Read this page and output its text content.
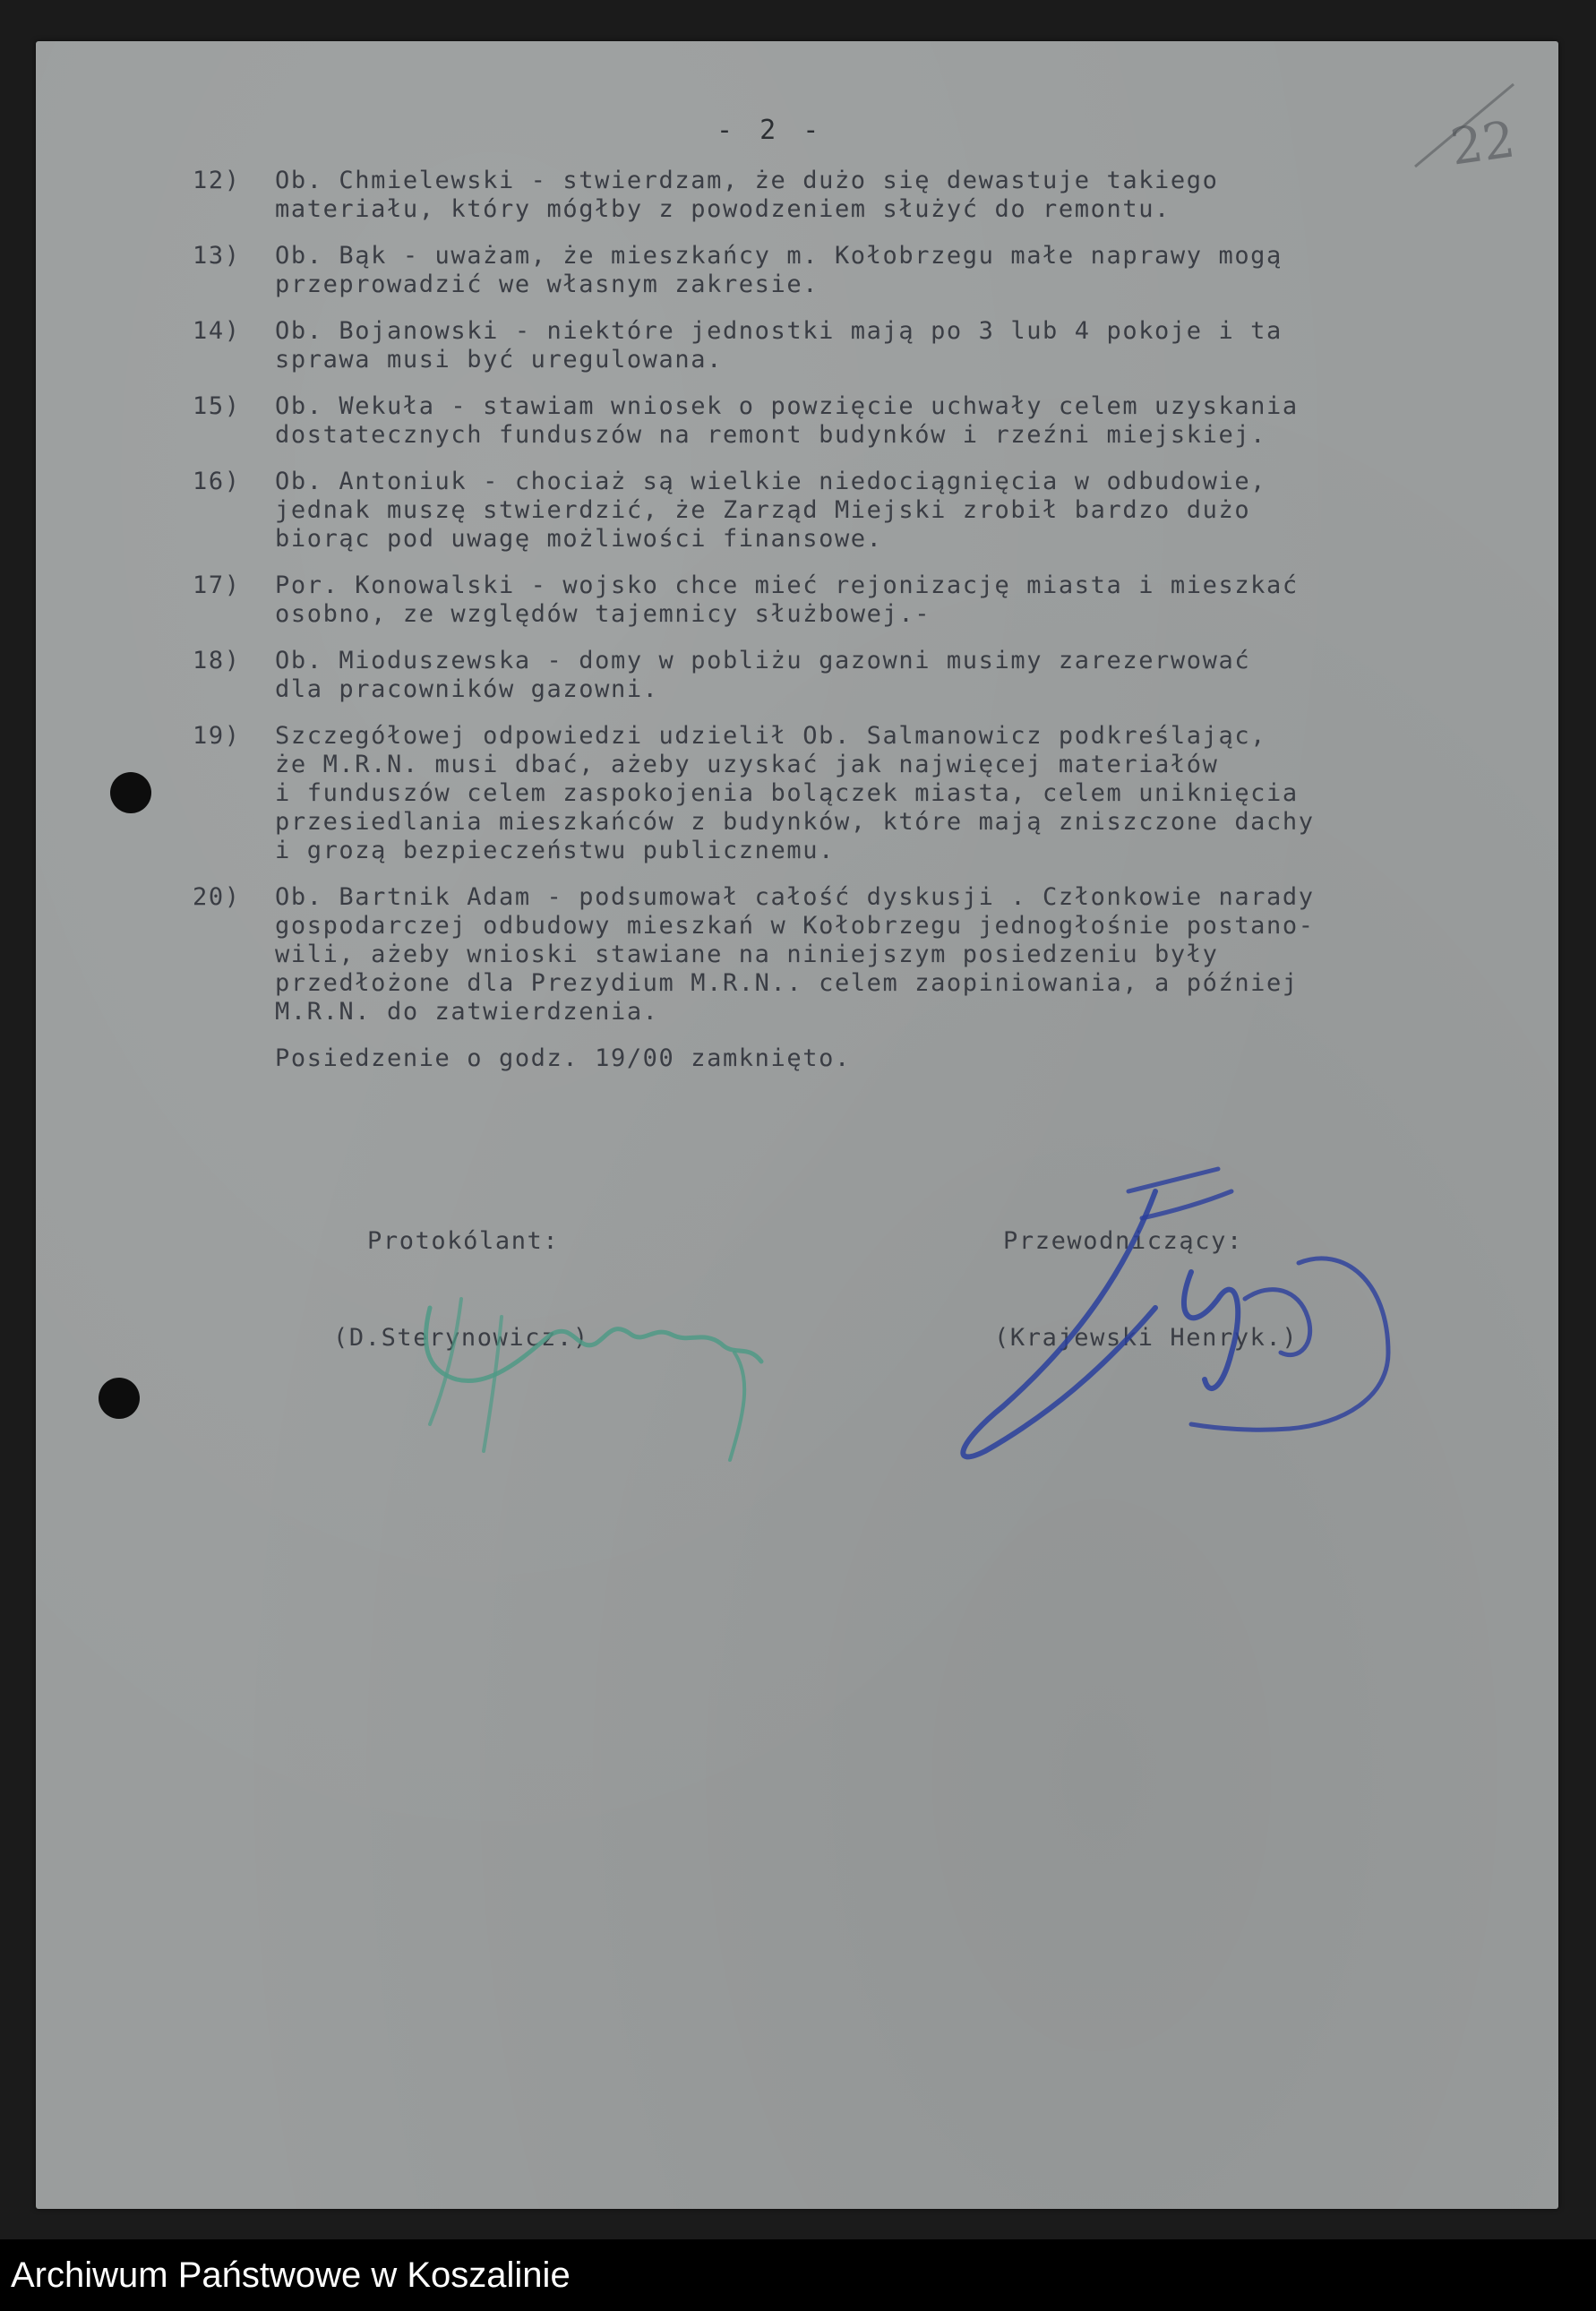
- 2 -	22
12)	Ob. Chmielewski - stwierdzam, że dużo się dewastuje takiego
materiału, który mógłby z powodzeniem służyć do remontu.
13)	Ob. Bąk - uważam, że mieszkańcy m. Kołobrzegu małe naprawy mogą
przeprowadzić we własnym zakresie.
14)	Ob. Bojanowski - niektóre jednostki mają po 3 lub 4 pokoje i ta
sprawa musi być uregulowana.
15)	Ob. Wekuła - stawiam wniosek o powzięcie uchwały celem uzyskania
dostatecznych funduszów na remont budynków i rzeźni miejskiej.
16)	Ob. Antoniuk - chociaż są wielkie niedociągnięcia w odbudowie,
jednak muszę stwierdzić, że Zarząd Miejski zrobił bardzo dużo
biorąc pod uwagę możliwości finansowe.
17)	Por. Konowalski - wojsko chce mieć rejonizację miasta i mieszkać
osobno, ze względów tajemnicy służbowej.-
18)	Ob. Mioduszewska - domy w pobliżu gazowni musimy zarezerwować
dla pracowników gazowni.
19)	Szczegółowej odpowiedzi udzielił Ob. Salmanowicz podkreślając,
że M.R.N. musi dbać, ażeby uzyskać jak najwięcej materiałów
i funduszów celem zaspokojenia bolączek miasta, celem uniknięcia
przesiedlania mieszkańców z budynków, które mają zniszczone dachy
i grozą bezpieczeństwu publicznemu.
20)	Ob. Bartnik Adam - podsumował całość dyskusji . Członkowie narady
gospodarczej odbudowy mieszkań w Kołobrzegu jednogłośnie postano-
wili, ażeby wnioski stawiane na niniejszym posiedzeniu były
przedłożone dla Prezydium M.R.N.. celem zaopiniowania, a później
M.R.N. do zatwierdzenia.
Posiedzenie o godz. 19/00 zamknięto.
Protokólant:
(D.Sterynowicz.)
Przewodniczący:
(Krajewski Henryk.)
Archiwum Państwowe w Koszalinie
